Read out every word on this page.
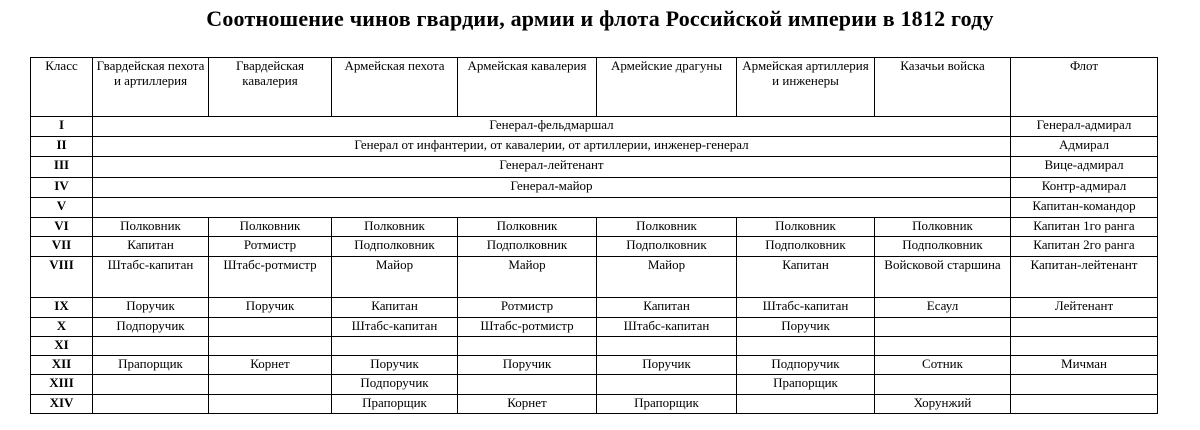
Соотношение чинов гвардии, армии и флота Российской империи в 1812 году
Класс	Гвардейская пехота и артиллерия	Гвардейская кавалерия	Армейская пехота	Армейская кавалерия	Армейские драгуны	Армейская артиллерия и инженеры	Казачьи войска	Флот
I	Генерал-фельдмаршал							Генерал-адмирал
II	Генерал от инфантерии, от кавалерии, от артиллерии, инженер-генерал							Адмирал
III	Генерал-лейтенант							Вице-адмирал
IV	Генерал-майор							Контр-адмирал
V								Капитан-командор
VI	Полковник	Полковник	Полковник	Полковник	Полковник	Полковник	Полковник	Капитан 1го ранга
VII	Капитан	Ротмистр	Подполковник	Подполковник	Подполковник	Подполковник	Подполковник	Капитан 2го ранга
VIII	Штабс-капитан	Штабс-ротмистр	Майор	Майор	Майор	Капитан	Войсковой старшина	Капитан-лейтенант
IX	Поручик	Поручик	Капитан	Ротмистр	Капитан	Штабс-капитан	Есаул	Лейтенант
X	Подпоручик		Штабс-капитан	Штабс-ротмистр	Штабс-капитан	Поручик		
XI								
XII	Прапорщик	Корнет	Поручик	Поручик	Поручик	Подпоручик	Сотник	Мичман
XIII			Подпоручик			Прапорщик		
XIV			Прапорщик	Корнет	Прапорщик		Хорунжий	
